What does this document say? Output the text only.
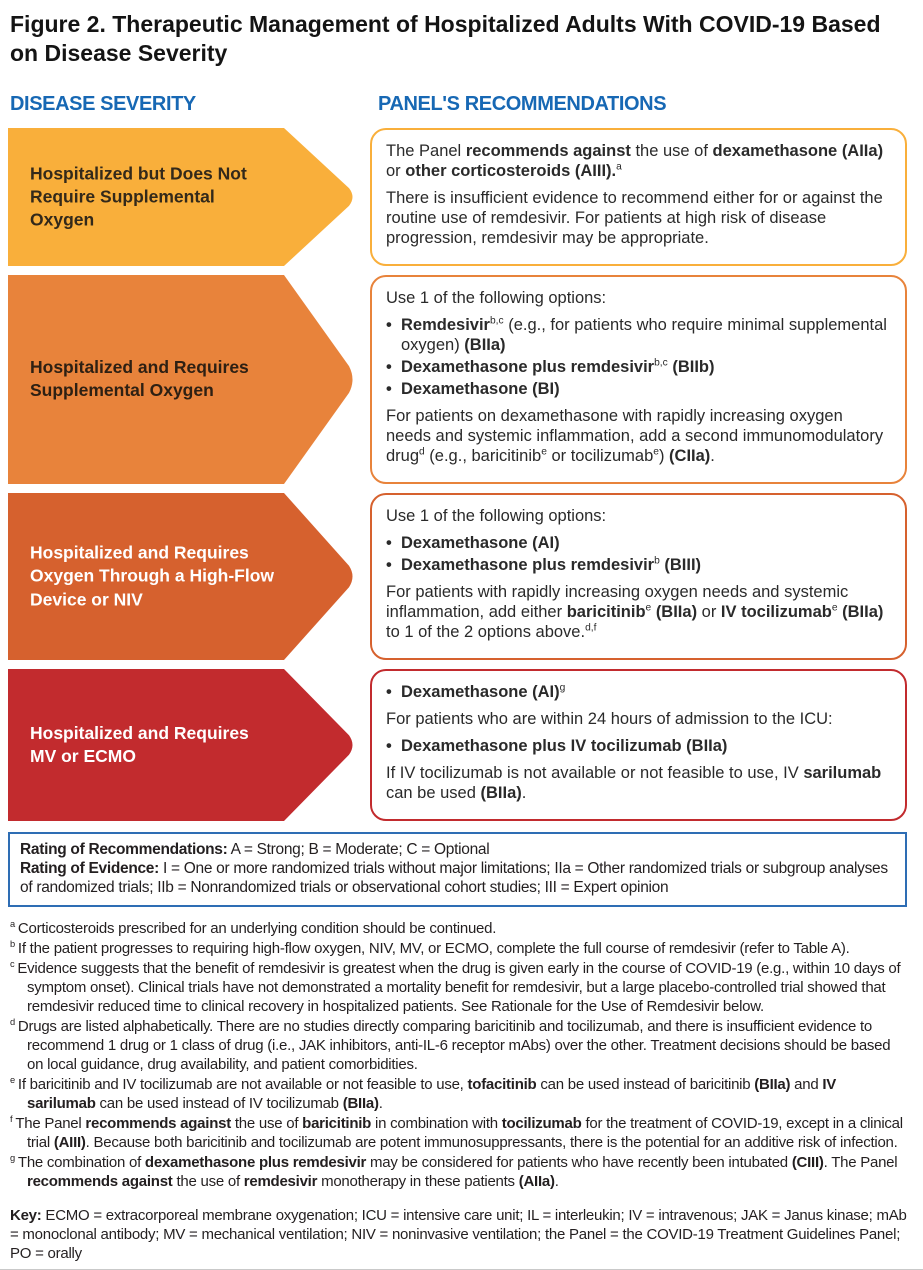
Figure 2. Therapeutic Management of Hospitalized Adults With COVID-19 Based on Disease Severity
DISEASE SEVERITY	PANEL'S RECOMMENDATIONS
Hospitalized but Does Not Require Supplemental Oxygen
The Panel recommends against the use of dexamethasone (AIIa) or other corticosteroids (AIII).$^a$
There is insufficient evidence to recommend either for or against the routine use of remdesivir. For patients at high risk of disease progression, remdesivir may be appropriate.
Hospitalized and Requires Supplemental Oxygen
Use 1 of the following options:
• Remdesivir$^{b,c}$ (e.g., for patients who require minimal supplemental oxygen) (BIIa)
• Dexamethasone plus remdesivir$^{b,c}$ (BIIb)
• Dexamethasone (BI)
For patients on dexamethasone with rapidly increasing oxygen needs and systemic inflammation, add a second immunomodulatory drug$^d$ (e.g., baricitinib$^e$ or tocilizumab$^e$) (CIIa).
Hospitalized and Requires Oxygen Through a High-Flow Device or NIV
Use 1 of the following options:
• Dexamethasone (AI)
• Dexamethasone plus remdesivir$^b$ (BIII)
For patients with rapidly increasing oxygen needs and systemic inflammation, add either baricitinib$^e$ (BIIa) or IV tocilizumab$^e$ (BIIa) to 1 of the 2 options above.$^{d,f}$
Hospitalized and Requires MV or ECMO
• Dexamethasone (AI)$^g$
For patients who are within 24 hours of admission to the ICU:
• Dexamethasone plus IV tocilizumab (BIIa)
If IV tocilizumab is not available or not feasible to use, IV sarilumab can be used (BIIa).
Rating of Recommendations: A = Strong; B = Moderate; C = Optional
Rating of Evidence: I = One or more randomized trials without major limitations; IIa = Other randomized trials or subgroup analyses of randomized trials; IIb = Nonrandomized trials or observational cohort studies; III = Expert opinion
$^a$ Corticosteroids prescribed for an underlying condition should be continued.
$^b$ If the patient progresses to requiring high-flow oxygen, NIV, MV, or ECMO, complete the full course of remdesivir (refer to Table A).
$^c$ Evidence suggests that the benefit of remdesivir is greatest when the drug is given early in the course of COVID-19 (e.g., within 10 days of symptom onset). Clinical trials have not demonstrated a mortality benefit for remdesivir, but a large placebo-controlled trial showed that remdesivir reduced time to clinical recovery in hospitalized patients. See Rationale for the Use of Remdesivir below.
$^d$ Drugs are listed alphabetically. There are no studies directly comparing baricitinib and tocilizumab, and there is insufficient evidence to recommend 1 drug or 1 class of drug (i.e., JAK inhibitors, anti-IL-6 receptor mAbs) over the other. Treatment decisions should be based on local guidance, drug availability, and patient comorbidities.
$^e$ If baricitinib and IV tocilizumab are not available or not feasible to use, tofacitinib can be used instead of baricitinib (BIIa) and IV sarilumab can be used instead of IV tocilizumab (BIIa).
$^f$ The Panel recommends against the use of baricitinib in combination with tocilizumab for the treatment of COVID-19, except in a clinical trial (AIII). Because both baricitinib and tocilizumab are potent immunosuppressants, there is the potential for an additive risk of infection.
$^g$ The combination of dexamethasone plus remdesivir may be considered for patients who have recently been intubated (CIII). The Panel recommends against the use of remdesivir monotherapy in these patients (AIIa).

Key: ECMO = extracorporeal membrane oxygenation; ICU = intensive care unit; IL = interleukin; IV = intravenous; JAK = Janus kinase; mAb = monoclonal antibody; MV = mechanical ventilation; NIV = noninvasive ventilation; the Panel = the COVID-19 Treatment Guidelines Panel; PO = orally
